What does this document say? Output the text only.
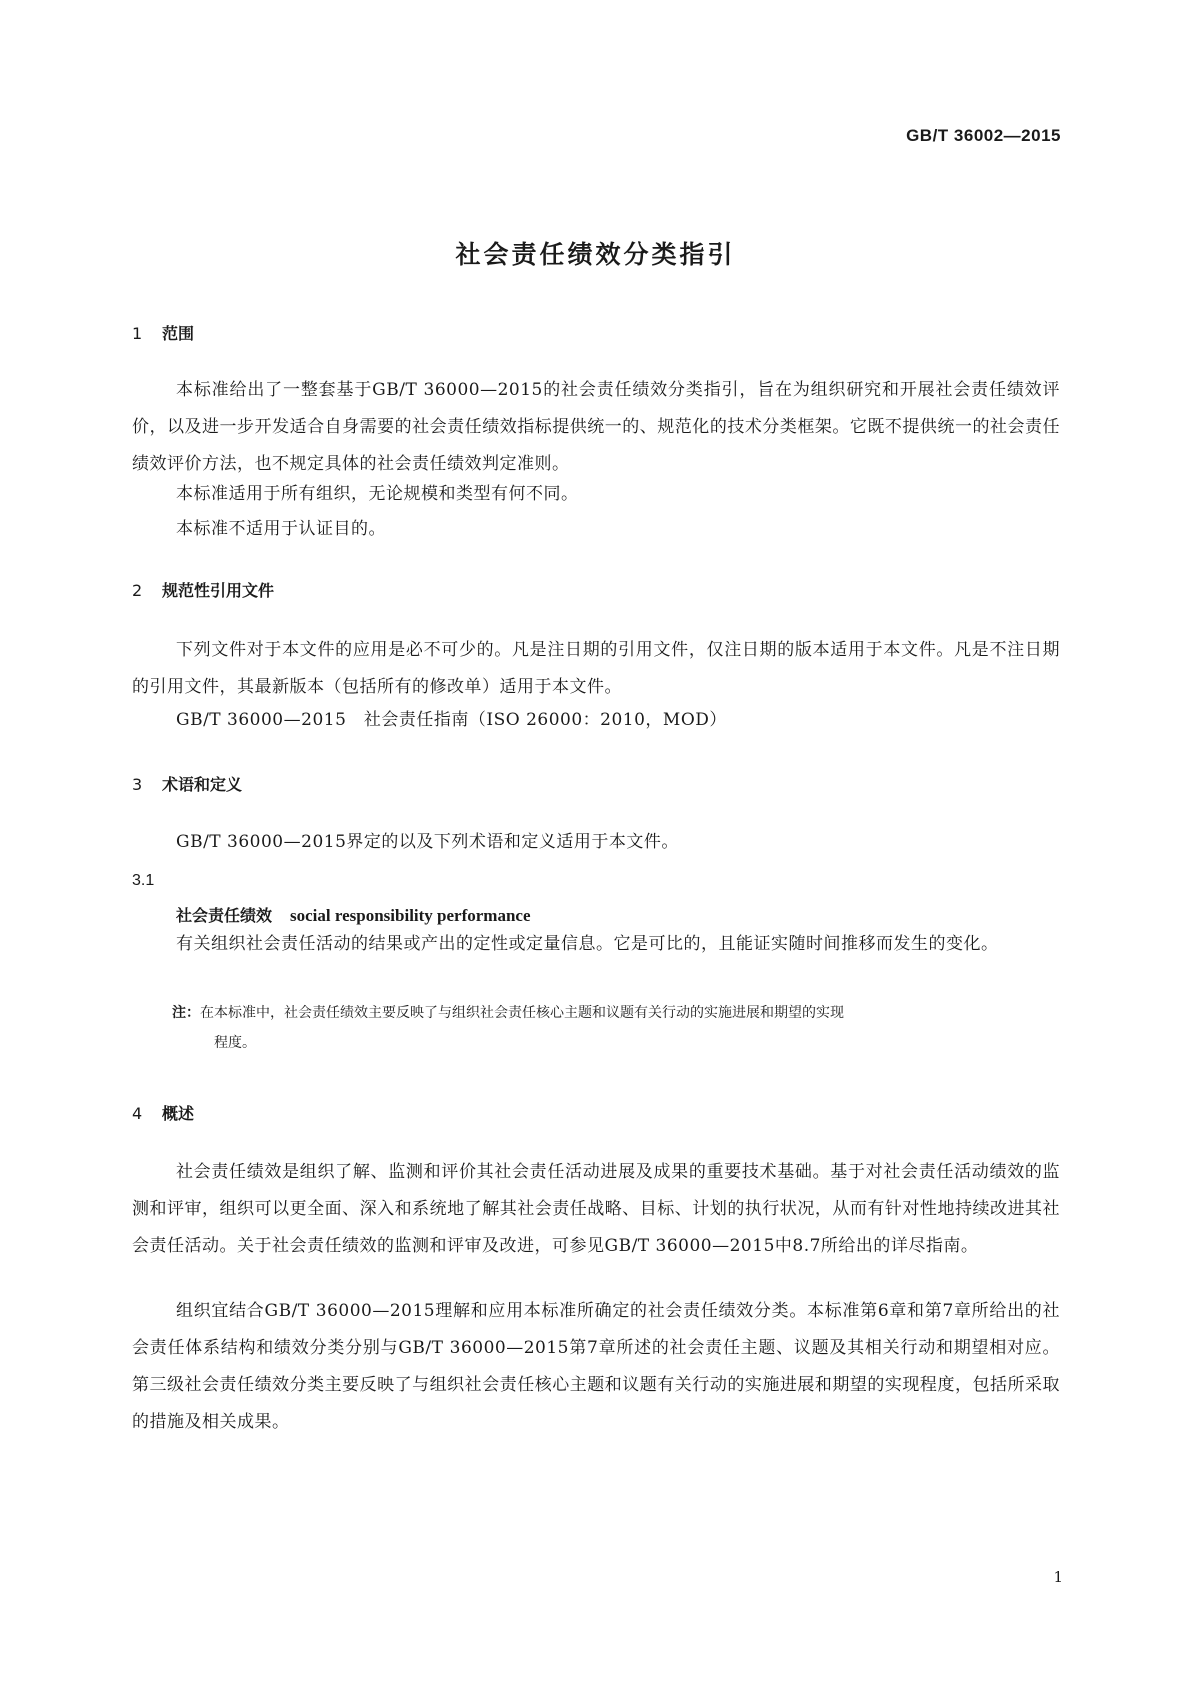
GB/T 36002—2015
社会责任绩效分类指引
1 范围
本标准给出了一整套基于GB/T 36000—2015的社会责任绩效分类指引，旨在为组织研究和开展社会责任绩效评价，以及进一步开发适合自身需要的社会责任绩效指标提供统一的、规范化的技术分类框架。它既不提供统一的社会责任绩效评价方法，也不规定具体的社会责任绩效判定准则。
本标准适用于所有组织，无论规模和类型有何不同。
本标准不适用于认证目的。
2 规范性引用文件
下列文件对于本文件的应用是必不可少的。凡是注日期的引用文件，仅注日期的版本适用于本文件。凡是不注日期的引用文件，其最新版本（包括所有的修改单）适用于本文件。
GB/T 36000—2015　社会责任指南（ISO 26000：2010，MOD）
3 术语和定义
GB/T 36000—2015界定的以及下列术语和定义适用于本文件。
3.1
社会责任绩效 social responsibility performance
有关组织社会责任活动的结果或产出的定性或定量信息。它是可比的，且能证实随时间推移而发生的变化。
注：在本标准中，社会责任绩效主要反映了与组织社会责任核心主题和议题有关行动的实施进展和期望的实现
程度。
4 概述
社会责任绩效是组织了解、监测和评价其社会责任活动进展及成果的重要技术基础。基于对社会责任活动绩效的监测和评审，组织可以更全面、深入和系统地了解其社会责任战略、目标、计划的执行状况，从而有针对性地持续改进其社会责任活动。关于社会责任绩效的监测和评审及改进，可参见GB/T 36000—2015中8.7所给出的详尽指南。
组织宜结合GB/T 36000—2015理解和应用本标准所确定的社会责任绩效分类。本标准第6章和第7章所给出的社会责任体系结构和绩效分类分别与GB/T 36000—2015第7章所述的社会责任主题、议题及其相关行动和期望相对应。第三级社会责任绩效分类主要反映了与组织社会责任核心主题和议题有关行动的实施进展和期望的实现程度，包括所采取的措施及相关成果。
1
